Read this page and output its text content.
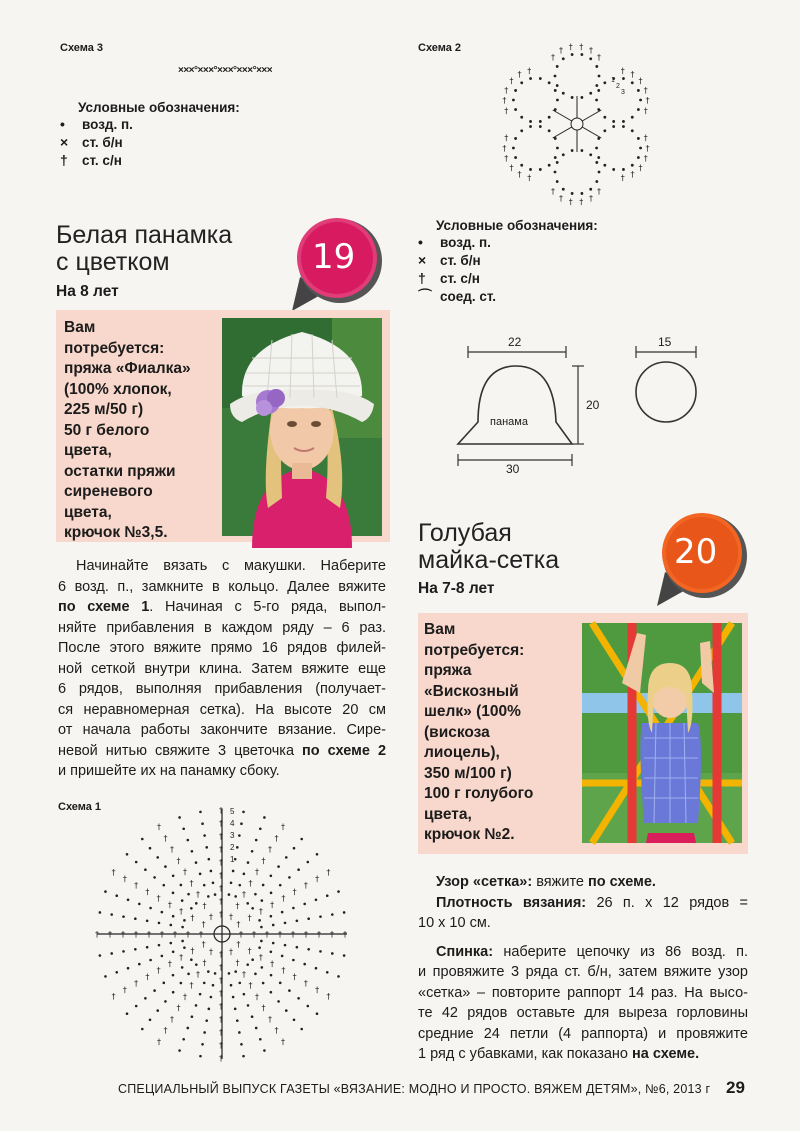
Схема 3
×××°×××°×××°×××°×××
Условные обозначения:
•	возд. п.
×	ст. б/н
†	ст. с/н
Белая панамка
с цветком
На 8 лет
19
Вам
потребуется:
пряжа «Фиалка»
(100% хлопок,
225 м/50 г)
50 г белого
цвета,
остатки пряжи
сиреневого
цвета,
крючок №3,5.
Начинайте вязать с макушки. Наберите
6 возд. п., замкните в кольцо. Далее вяжите
по схеме 1. Начиная с 5-го ряда, выпол-
няйте прибавления в каждом ряду – 6 раз.
После этого вяжите прямо 16 рядов филей-
ной сеткой внутри клина. Затем вяжите еще
6 рядов, выполняя прибавления (получает-
ся неравномерная сетка). На высоте 20 см
от начала работы закончите вязание. Сире-
невой нитью свяжите 3 цветочка по схеме 2
и пришейте их на панамку сбоку.
Схема 1
† † † † † † † † †
†
†
†
†
†
†
†
†
†
†
†
†
†
†
†
†
†
†
†
†
†
†
†
†
†
†
†
†
†
†
†
†
†
†
†
†
†
†
†
†
†
†
†
†
†
†
†
†
†
†
†
†
†
†
†
†
†
†
†
†
†
†
†
†
†
†
†
†
†
†
†
†
†
†
†
†
†
†
†
†
†
†
†
†
†
†
†
†
†
†
†
†
†
†
†
†
†
†
†
5
4
3
2
1
Схема 2
†
† † † †
†
† †
†
†
†
†
†
†
†
†
†
†
†
†
†
†
†
†
†
†
†
†
†
†
†
†
†
†
† †
1
2
3
Условные обозначения:
•	возд. п.
×	ст. б/н
†	ст. с/н
⌒ соед. ст.
22
20
30
панама
15
Голубая
майка-сетка
На 7-8 лет
20
Вам
потребуется:
пряжа
«Вискозный
шелк» (100%
(вискоза
лиоцель),
350 м/100 г)
100 г голубого
цвета,
крючок №2.
Узор «сетка»: вяжите по схеме.
Плотность вязания: 26 п. х 12 рядов =
10 х 10 см.
Спинка: наберите цепочку из 86 возд. п.
и провяжите 3 ряда ст. б/н, затем вяжите узор
«сетка» – повторите раппорт 14 раз. На высо-
те 42 рядов оставьте для выреза горловины
средние 24 петли (4 раппорта) и провяжите
1 ряд с убавками, как показано на схеме.
СПЕЦИАЛЬНЫЙ ВЫПУСК ГАЗЕТЫ «ВЯЗАНИЕ: МОДНО И ПРОСТО. ВЯЖЕМ ДЕТЯМ», №6, 2013 г 29
